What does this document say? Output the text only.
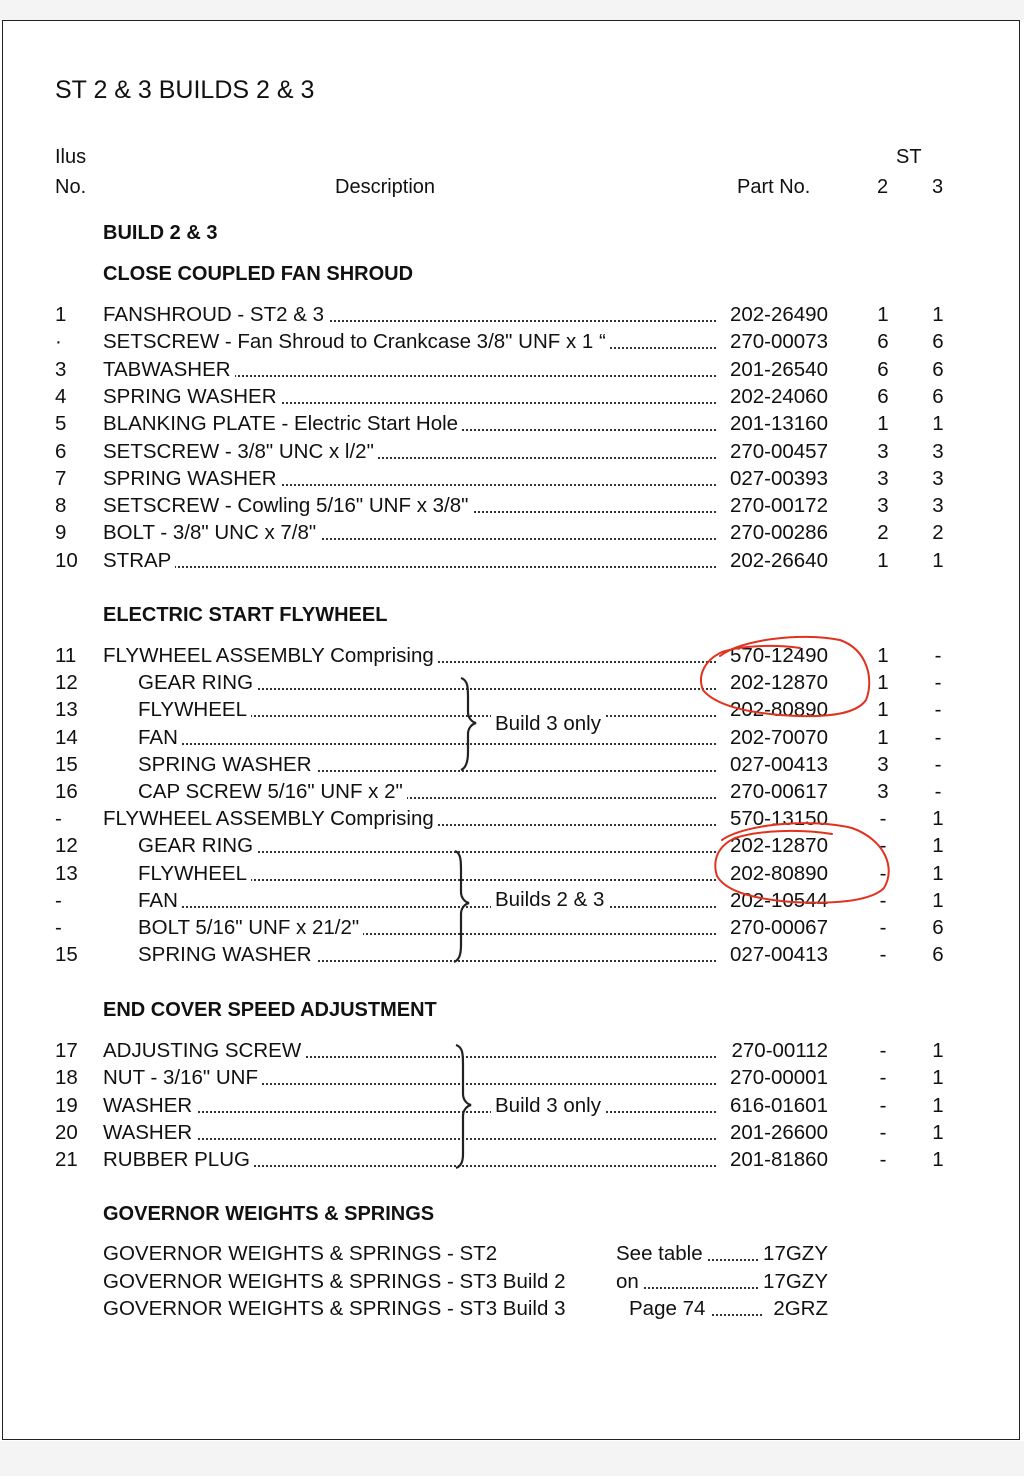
ST 2 & 3 BUILDS 2 & 3
Ilus
No.	Description	Part No.
ST
2 3
BUILD 2 & 3
CLOSE COUPLED FAN SHROUD
ELECTRIC START FLYWHEEL
END COVER SPEED ADJUSTMENT
GOVERNOR WEIGHTS & SPRINGS
1 FANSHROUD - ST2 & 3	202-26490 1 1
· SETSCREW - Fan Shroud to Crankcase 3/8" UNF x 1 “	270-00073 6 6
3 TABWASHER	201-26540 6 6
4 SPRING WASHER	202-24060 6 6
5 BLANKING PLATE - Electric Start Hole	201-13160 1 1
6 SETSCREW - 3/8" UNC x l/2"	270-00457 3 3
7 SPRING WASHER	027-00393 3 3
8 SETSCREW - Cowling 5/16" UNF x 3/8"	270-00172 3 3
9 BOLT - 3/8" UNC x 7/8"	270-00286 2 2
10 STRAP	202-26640 1 1
11 FLYWHEEL ASSEMBLY Comprising	570-12490 1	-
12	GEAR RING	202-12870 1	-
13	FLYWHEEL	202-80890 1	-
14	FAN	202-70070 1	-
15	SPRING WASHER	027-00413 3	-
16	CAP SCREW 5/16" UNF x 2"	270-00617 3	-
- FLYWHEEL ASSEMBLY Comprising	570-13150	-	1
12	GEAR RING	202-12870	-	1
13	FLYWHEEL	202-80890	-	1
-	FAN	202-10544	-	1
-	BOLT 5/16" UNF x 21/2"	270-00067	-	6
15	SPRING WASHER	027-00413	-	6
17 ADJUSTING SCREW	270-00112	-	1
18 NUT - 3/16" UNF	270-00001	-	1
19 WASHER	616-01601	-	1
20 WASHER	201-26600	-	1
21 RUBBER PLUG	201-81860	-	1
Build 3 only
Builds 2 & 3
Build 3 only
GOVERNOR WEIGHTS & SPRINGS - ST2	See table	17GZY
GOVERNOR WEIGHTS & SPRINGS - ST3 Build 2 on	17GZY
GOVERNOR WEIGHTS & SPRINGS - ST3 Build 3	Page 74	2GRZ
